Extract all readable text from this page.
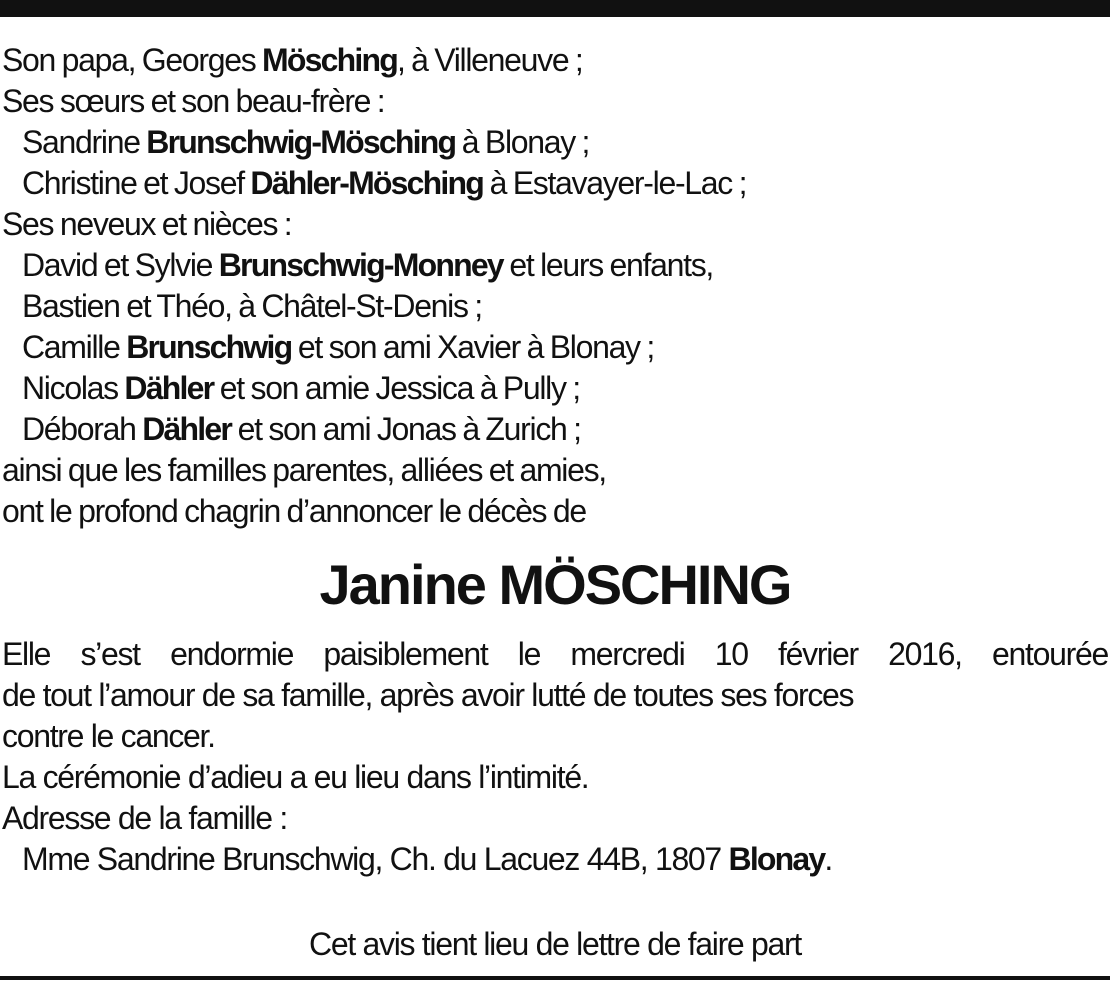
Son papa, Georges Mösching, à Villeneuve ;
Ses sœurs et son beau-frère :
Sandrine Brunschwig-Mösching à Blonay ;
Christine et Josef Dähler-Mösching à Estavayer-le-Lac ;
Ses neveux et nièces :
David et Sylvie Brunschwig-Monney et leurs enfants,
Bastien et Théo, à Châtel-St-Denis ;
Camille Brunschwig et son ami Xavier à Blonay ;
Nicolas Dähler et son amie Jessica à Pully ;
Déborah Dähler et son ami Jonas à Zurich ;
ainsi que les familles parentes, alliées et amies,
ont le profond chagrin d’annoncer le décès de
Janine MÖSCHING
Elle s’est endormie paisiblement le mercredi 10 février 2016, entourée
de tout l’amour de sa famille, après avoir lutté de toutes ses forces
contre le cancer.
La cérémonie d’adieu a eu lieu dans l’intimité.
Adresse de la famille :
Mme Sandrine Brunschwig, Ch. du Lacuez 44B, 1807 Blonay.
Cet avis tient lieu de lettre de faire part
